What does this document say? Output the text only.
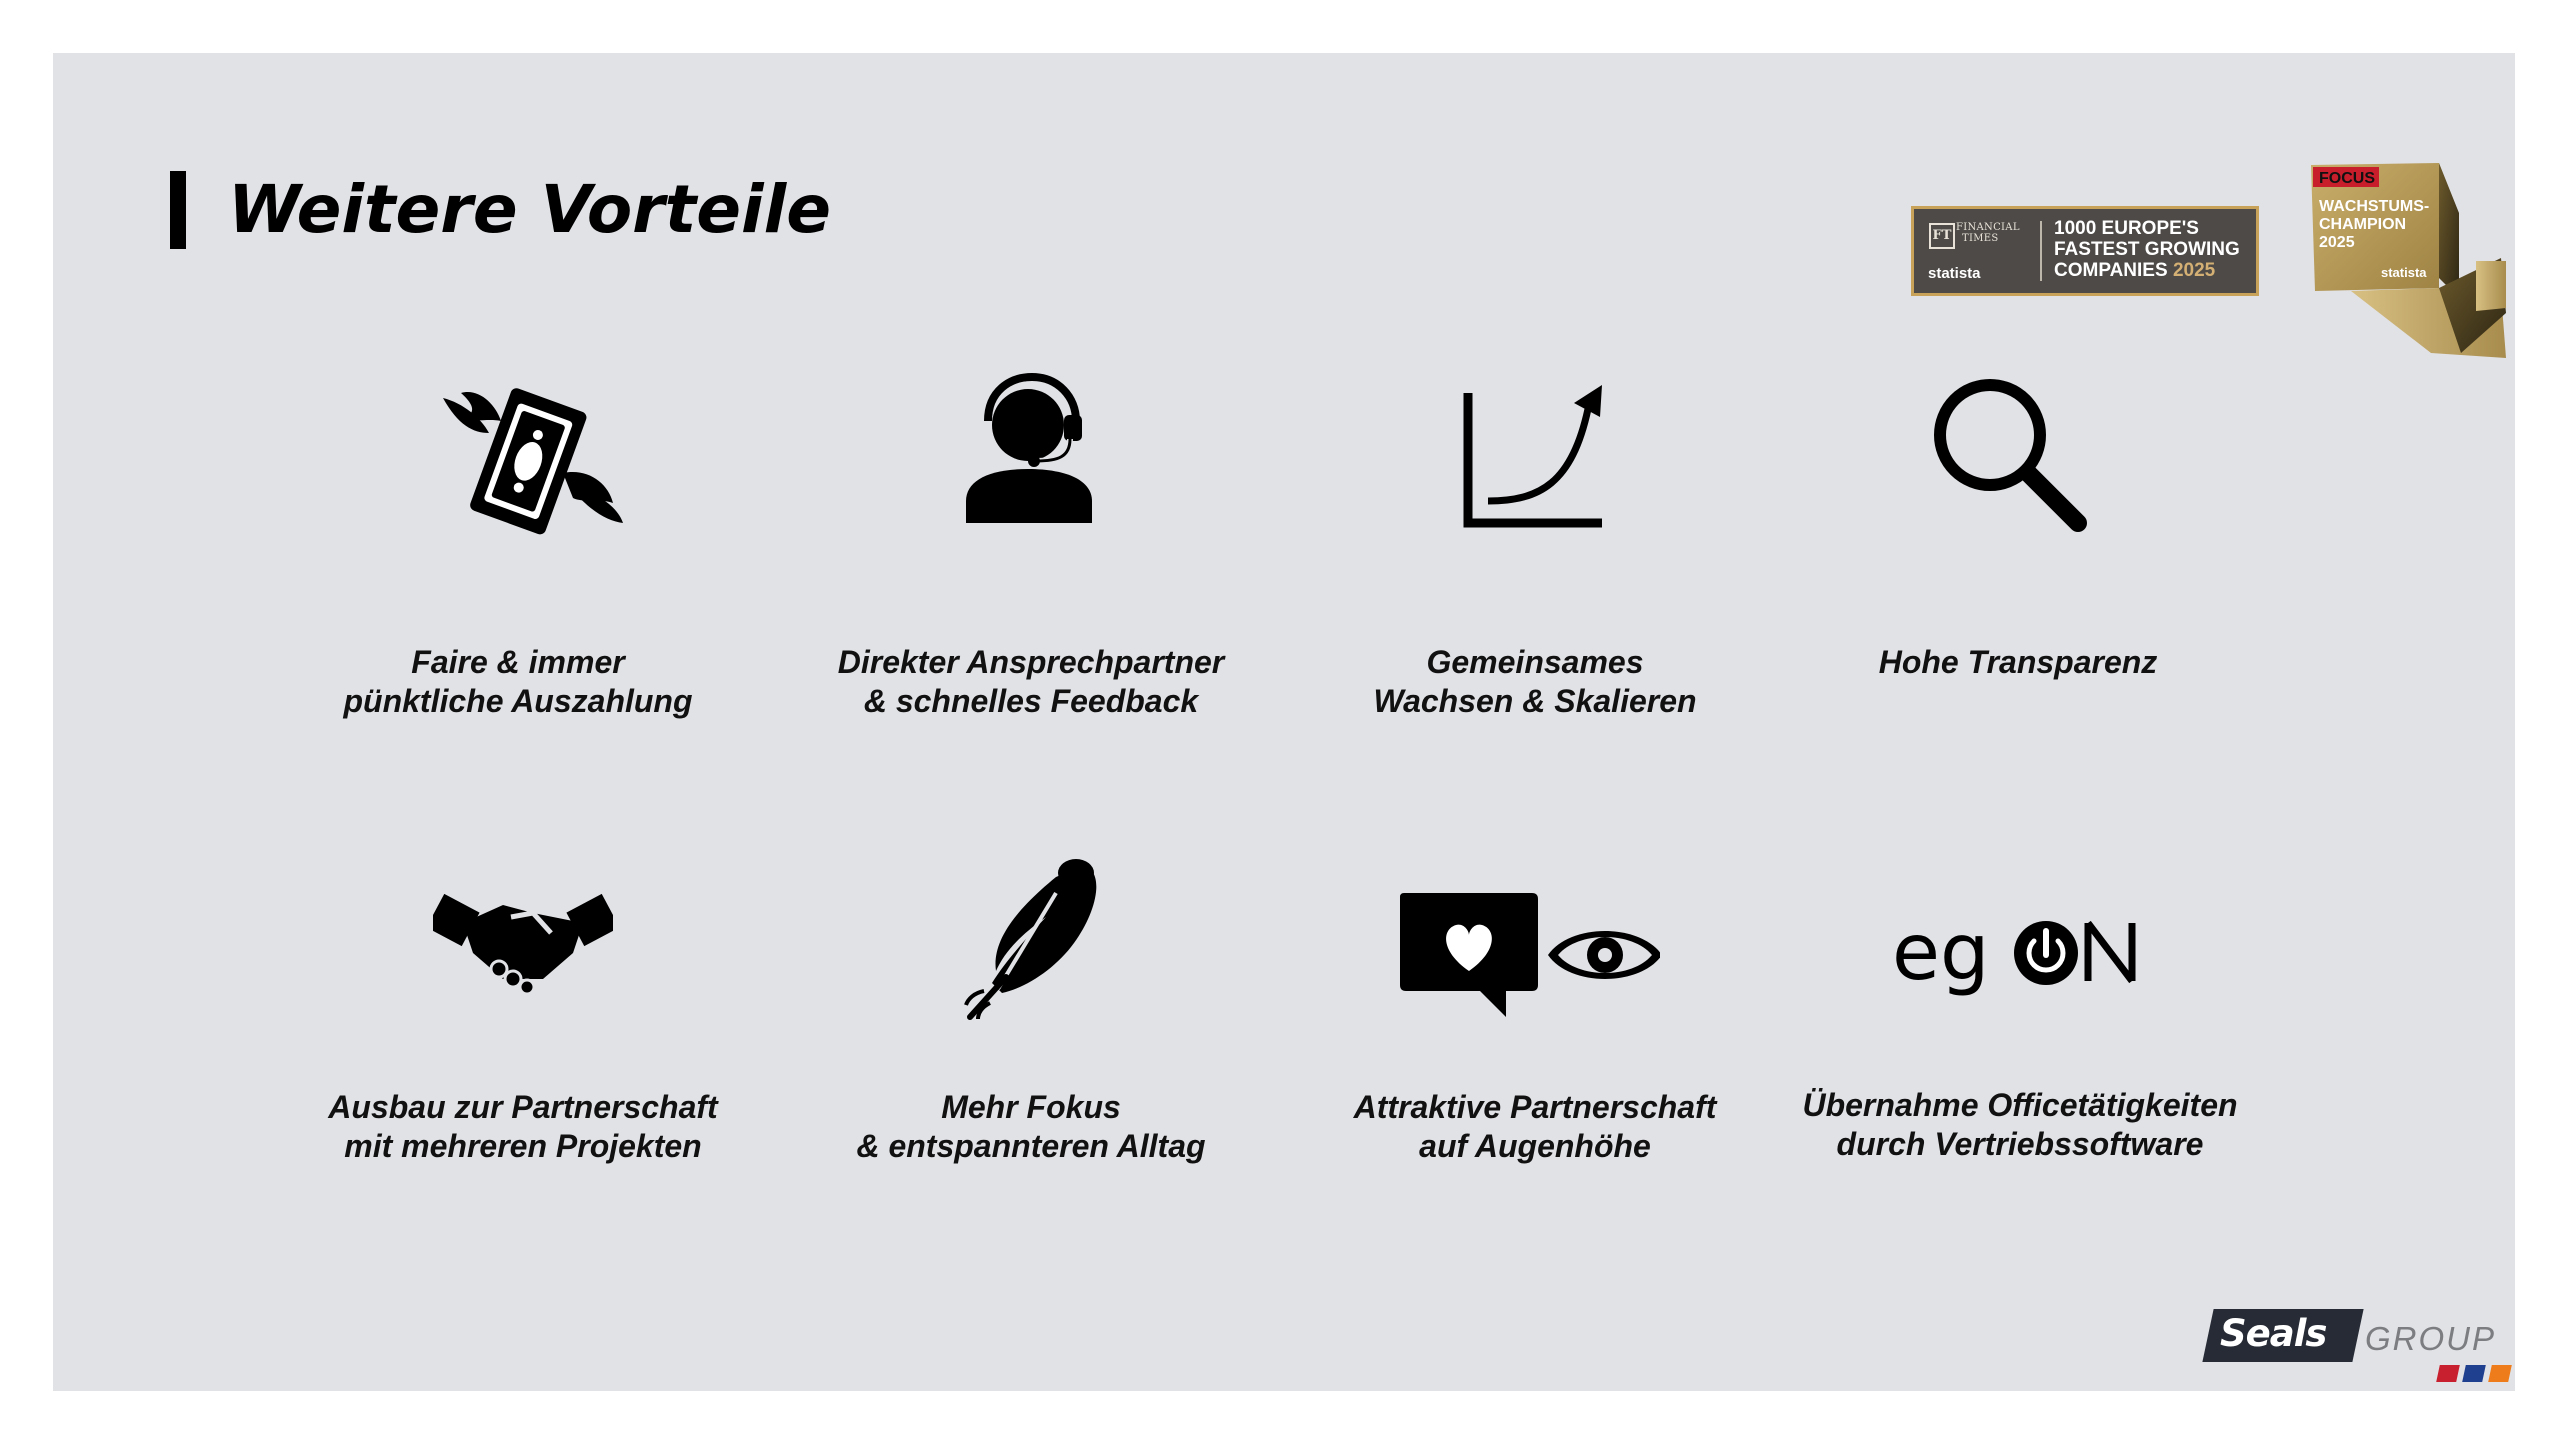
Weitere Vorteile	FT
FINANCIAL
TIMES
statista
1000 EUROPE'S
FASTEST GROWING
COMPANIES 2025
FOCUS
WACHSTUMS-
CHAMPION
2025
statista

Faire & immer

pünktliche Auszahlung

Direkter Ansprechpartner

& schnelles Feedback

Gemeinsames

Wachsen & Skalieren

Hohe Transparenz

Ausbau zur Partnerschaft

mit mehreren Projekten

Mehr Fokus

& entspannteren Alltag

Attraktive Partnerschaft

auf Augenhöhe

eg

Übernahme Officetätigkeiten

durch Vertriebssoftware

Seals GROUP
